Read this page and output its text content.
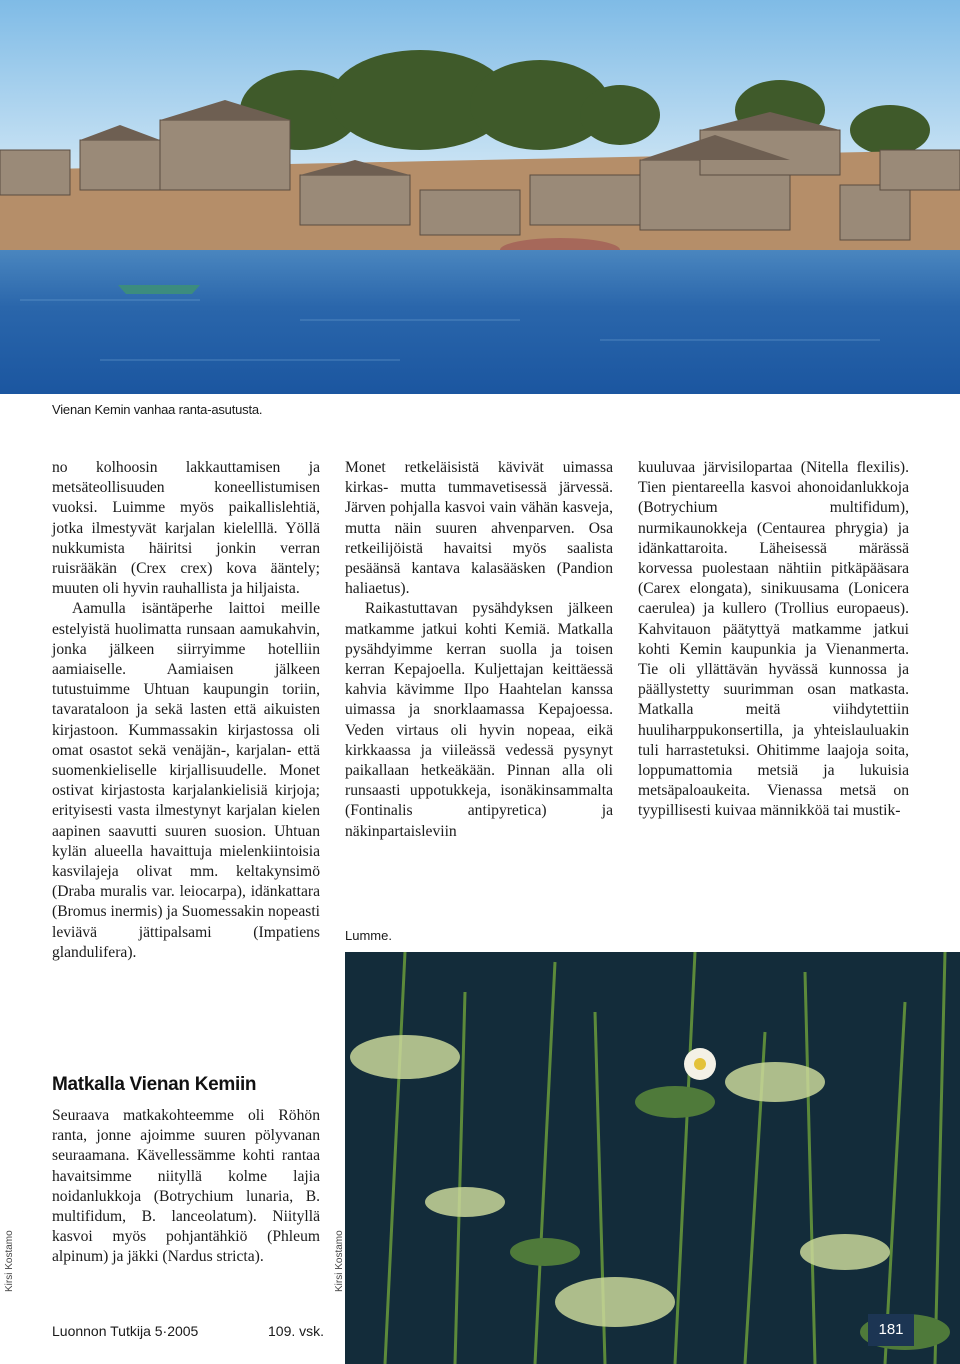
Vienan Kemin vanhaa ranta-asutusta.

no kolhoosin lakkauttamisen ja metsäteollisuuden koneellistumisen vuoksi. Luimme myös paikallislehtiä, jotka ilmestyvät karjalan kielelllä. Yöllä nukkumista häiritsi jonkin verran ruisrääkän (Crex crex) kova ääntely; muuten oli hyvin rauhallista ja hiljaista.

Aamulla isäntäperhe laittoi meille estelyistä huolimatta runsaan aamukahvin, jonka jälkeen siirryimme hotelliin aamiaiselle. Aamiaisen jälkeen tutustuimme Uhtuan kaupungin toriin, tavarataloon ja sekä lasten että aikuisten kirjastoon. Kummassakin kirjastossa oli omat osastot sekä venäjän-, karjalan- että suomenkieliselle kirjallisuudelle. Monet ostivat kirjastosta karjalankielisiä kirjoja; erityisesti vasta ilmestynyt karjalan kielen aapinen saavutti suuren suosion. Uhtuan kylän alueella havaittuja mielenkiintoisia kasvilajeja olivat mm. keltakynsimö (Draba muralis var. leiocarpa), idänkattara (Bromus inermis) ja Suomessakin nopeasti leviävä jättipalsami (Impatiens glandulifera).

Monet retkeläisistä kävivät uimassa kirkas- mutta tummavetisessä järvessä. Järven pohjalla kasvoi vain vähän kasveja, mutta näin suuren ahvenparven. Osa retkeilijöistä havaitsi myös saalista pesäänsä kantava kalasääsken (Pandion haliaetus).

Raikastuttavan pysähdyksen jälkeen matkamme jatkui kohti Kemiä. Matkalla pysähdyimme kerran suolla ja toisen kerran Kepajoella. Kuljettajan keittäessä kahvia kävimme Ilpo Haahtelan kanssa uimassa ja snorklaamassa Kepajoessa. Veden virtaus oli hyvin nopeaa, eikä kirkkaassa ja viileässä vedessä pysynyt paikallaan hetkeäkään. Pinnan alla oli runsaasti uppotukkeja, isonäkinsammalta (Fontinalis antipyretica) ja näkinpartaisleviin

kuuluvaa järvisilopartaa (Nitella flexilis). Tien pientareella kasvoi ahonoidanlukkoja (Botrychium multifidum), nurmikaunokkeja (Centaurea phrygia) ja idänkattaroita. Läheisessä märässä korvessa puolestaan nähtiin pitkäpääsara (Carex elongata), sinikuusama (Lonicera caerulea) ja kullero (Trollius europaeus). Kahvitauon päätyttyä matkamme jatkui kohti Kemin kaupunkia ja Vienanmerta. Tie oli yllättävän hyvässä kunnossa ja päällystetty suurimman osan matkasta. Matkalla meitä viihdytettiin huuliharppukonsertilla, ja yhteislauluakin tuli harrastetuksi. Ohitimme laajoja soita, loppumattomia metsiä ja lukuisia metsäpaloaukeita. Vienassa metsä on tyypillisesti kuivaa männikköä tai mustik-

Matkalla Vienan Kemiin

Seuraava matkakohteemme oli Röhön ranta, jonne ajoimme suuren pölyvanan seuraamana. Kävellessämme kohti rantaa havaitsimme niityllä kolme lajia noidanlukkoja (Botrychium lunaria, B. multifidum, B. lanceolatum). Niityllä kasvoi myös pohjantähkiö (Phleum alpinum) ja jäkki (Nardus stricta).

Lumme.
Kirsi Kostamo	Kirsi Kostamo
Luonnon Tutkija 5·2005	109. vsk.	181
